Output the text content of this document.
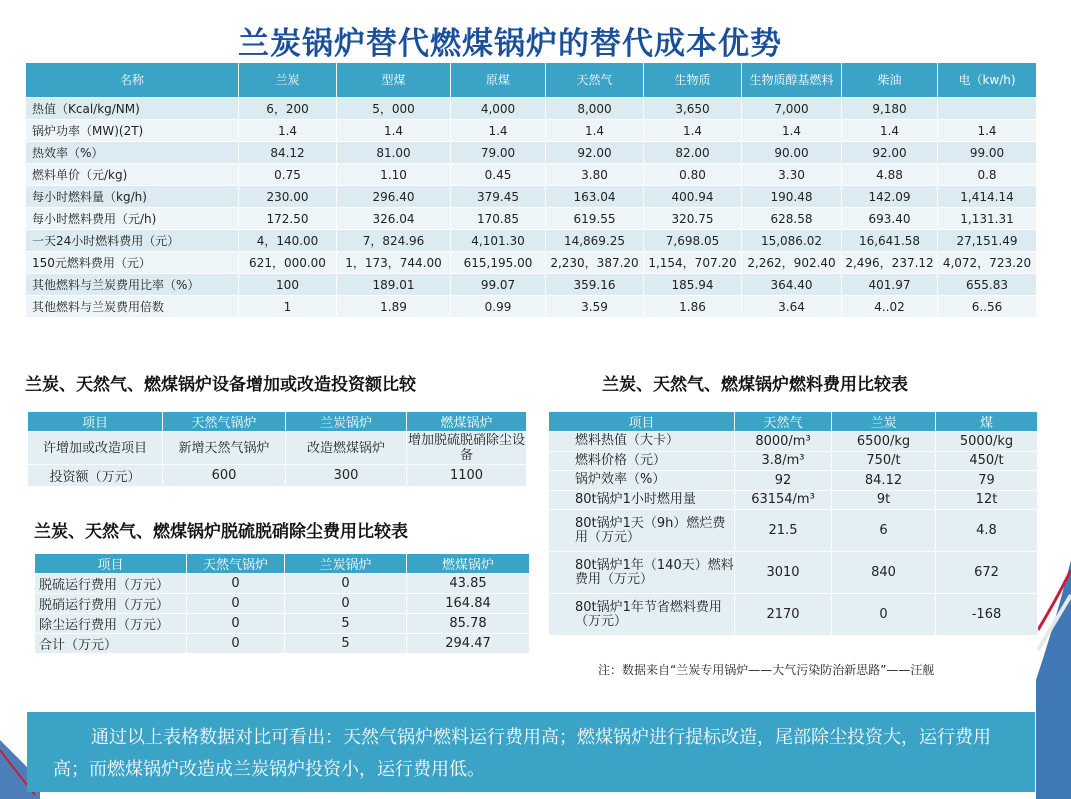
兰炭锅炉替代燃煤锅炉的替代成本优势
名称	兰炭	型煤	原煤	天然气	生物质	生物质醇基燃料	柴油	电（kw/h)
热值（Kcal/kg/NM)	6，200	5，000	4,000	8,000	3,650	7,000	9,180	
锅炉功率（MW)(2T)	1.4	1.4	1.4	1.4	1.4	1.4	1.4	1.4
热效率（%）	84.12	81.00	79.00	92.00	82.00	90.00	92.00	99.00
燃料单价（元/kg)	0.75	1.10	0.45	3.80	0.80	3.30	4.88	0.8
每小时燃料量（kg/h)	230.00	296.40	379.45	163.04	400.94	190.48	142.09	1,414.14
每小时燃料费用（元/h)	172.50	326.04	170.85	619.55	320.75	628.58	693.40	1,131.31
一天24小时燃料费用（元）	4，140.00	7，824.96	4,101.30	14,869.25	7,698.05	15,086.02	16,641.58	27,151.49
150元燃料费用（元）	621，000.00	1，173，744.00	615,195.00	2,230，387.20	1,154，707.20	2,262，902.40	2,496，237.12	4,072，723.20
其他燃料与兰炭费用比率（%）	100	189.01	99.07	359.16	185.94	364.40	401.97	655.83
其他燃料与兰炭费用倍数	1	1.89	0.99	3.59	1.86	3.64	4..02	6..56
兰炭、天然气、燃煤锅炉设备增加或改造投资额比较
项目	天然气锅炉	兰炭锅炉	燃煤锅炉
许增加或改造项目	新增天然气锅炉	改造燃煤锅炉	增加脱硫脱硝除尘设备
投资额（万元）	600	300	1100
兰炭、天然气、燃煤锅炉脱硫脱硝除尘费用比较表
项目	天然气锅炉	兰炭锅炉	燃煤锅炉
脱硫运行费用（万元）	0	0	43.85
脱硝运行费用（万元）	0	0	164.84
除尘运行费用（万元）	0	5	85.78
合计（万元）	0	5	294.47
兰炭、天然气、燃煤锅炉燃料费用比较表
项目	天然气	兰炭	煤
燃料热值（大卡）	8000/m³	6500/kg	5000/kg
燃料价格（元）	3.8/m³	750/t	450/t
锅炉效率（%）	92	84.12	79
80t锅炉1小时燃用量	63154/m³	9t	12t
80t锅炉1天（9h）燃烂费用（万元）	21.5	6	4.8
80t锅炉1年（140天）燃料费用（万元）	3010	840	672
80t锅炉1年节省燃料费用（万元）	2170	0	-168
注：数据来自“兰炭专用锅炉——大气污染防治新思路”——汪舰

通过以上表格数据对比可看出：天然气锅炉燃料运行费用高；燃煤锅炉进行提标改造，尾部除尘投资大，运行费用高；而燃煤锅炉改造成兰炭锅炉投资小，运行费用低。
